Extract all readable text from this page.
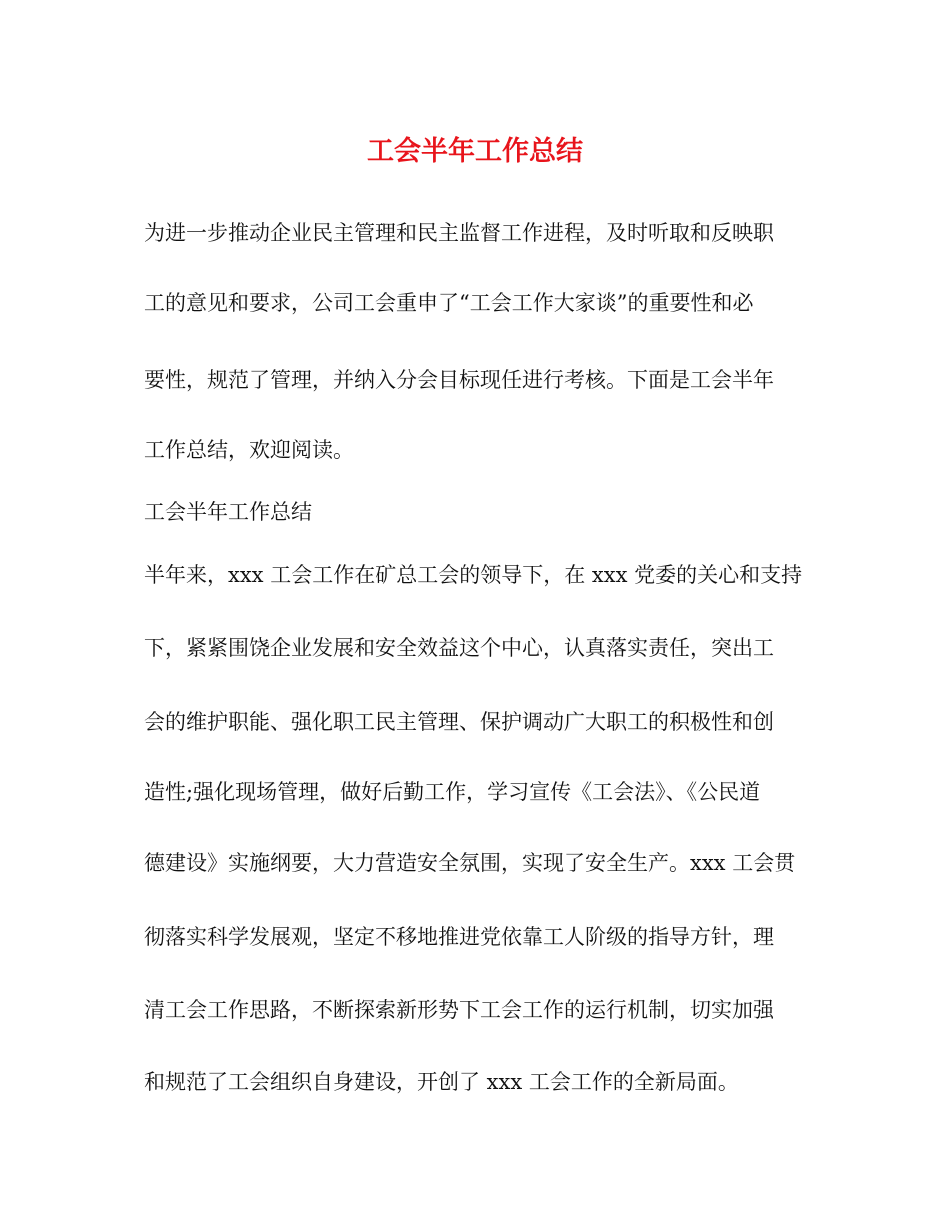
工会半年工作总结

为进一步推动企业民主管理和民主监督工作进程，及时听取和反映职

工的意见和要求，公司工会重申了“工会工作大家谈”的重要性和必

要性，规范了管理，并纳入分会目标现任进行考核。下面是工会半年

工作总结，欢迎阅读。

工会半年工作总结

半年来，xxx 工会工作在矿总工会的领导下，在 xxx 党委的关心和支持

下，紧紧围饶企业发展和安全效益这个中心，认真落实责任，突出工

会的维护职能、强化职工民主管理、保护调动广大职工的积极性和创

造性;强化现场管理，做好后勤工作，学习宣传《工会法》、《公民道

德建设》实施纲要，大力营造安全氛围，实现了安全生产。xxx 工会贯

彻落实科学发展观，坚定不移地推进党依靠工人阶级的指导方针，理

清工会工作思路，不断探索新形势下工会工作的运行机制，切实加强

和规范了工会组织自身建设，开创了 xxx 工会工作的全新局面。
